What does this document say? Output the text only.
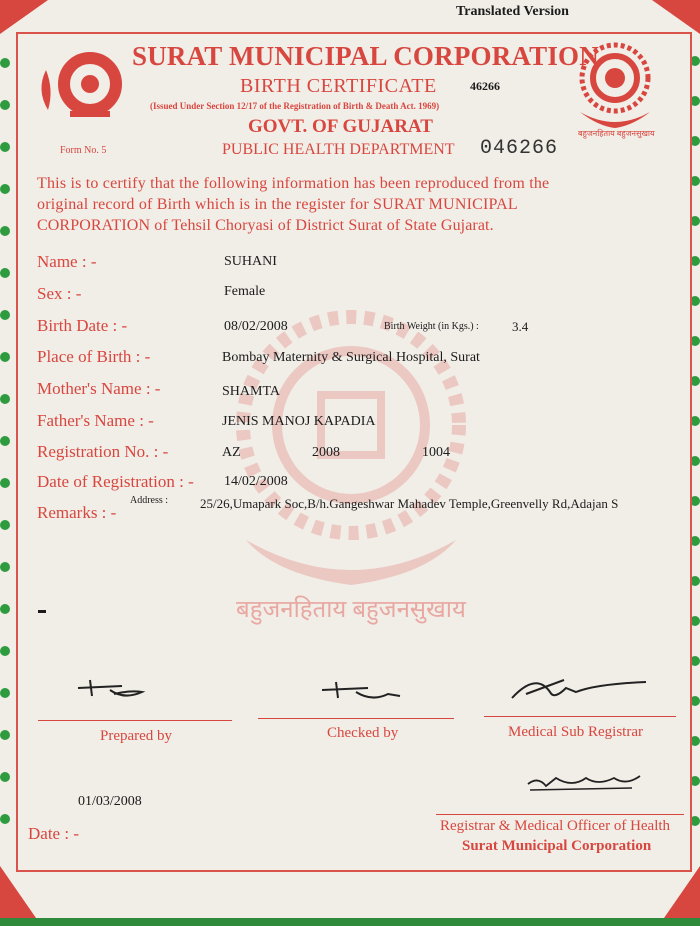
बहुजनहिताय बहुजनसुखाय
Translated Version
बहुजनहिताय बहुजनसुखाय
SURAT MUNICIPAL CORPORATION
BIRTH CERTIFICATE	46266
(Issued Under Section 12/17 of the Registration of Birth & Death Act. 1969)
GOVT. OF GUJARAT
Form No. 5	PUBLIC HEALTH DEPARTMENT 046266
This is to certify that the following information has been reproduced from the
original record of Birth which is in the register for SURAT MUNICIPAL
CORPORATION of Tehsil Choryasi of District Surat of State Gujarat.
Name : -	SUHANI
Sex : -	Female
Birth Date : -	08/02/2008	Birth Weight (in Kgs.) :	3.4
Place of Birth : -	Bombay Maternity & Surgical Hospital, Surat
Mother's Name : -	SHAMTA
Father's Name : -	JENIS MANOJ KAPADIA
Registration No. : -	AZ	2008	1004
Date of Registration : - 14/02/2008
Remarks : -
Address : 25/26,Umapark Soc,B/h.Gangeshwar Mahadev Temple,Greenvelly Rd,Adajan S
Prepared by	Checked by	Medical Sub Registrar
01/03/2008
Date : -	Registrar & Medical Officer of Health
Surat Municipal Corporation
